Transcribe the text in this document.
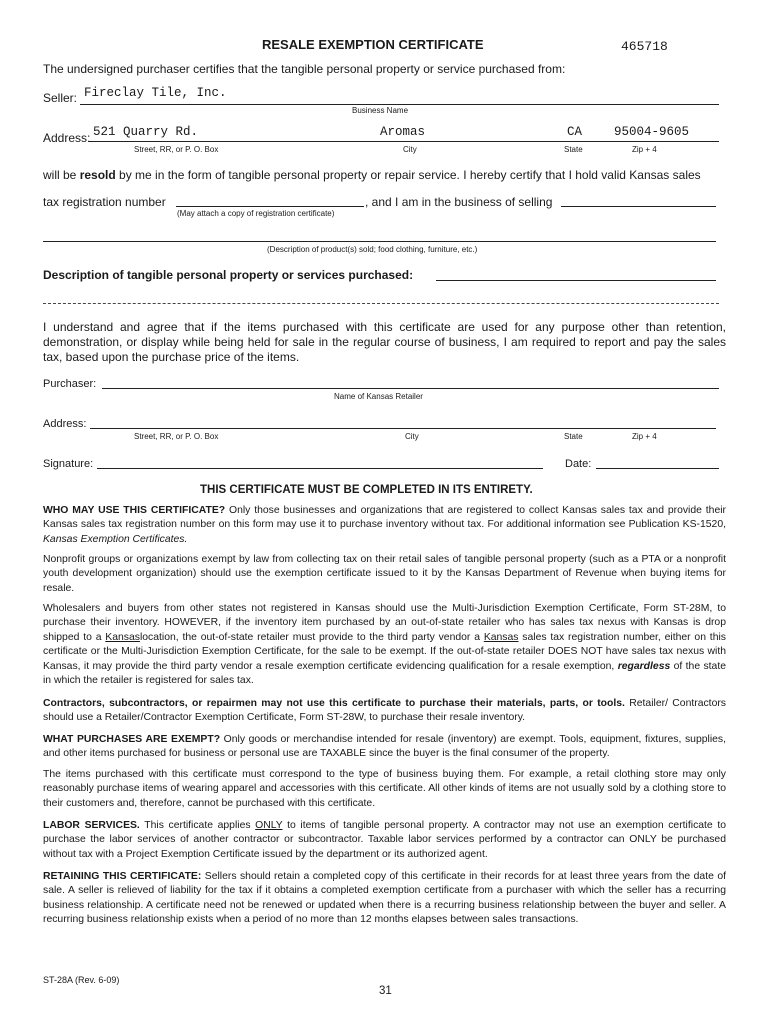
RESALE EXEMPTION CERTIFICATE	465718
The undersigned purchaser certifies that the tangible personal property or service purchased from:
Seller: Fireclay Tile, Inc.
Business Name
Address: 521 Quarry Rd.	Aromas	CA	95004-9605
Street, RR, or P. O. Box	City	State	Zip + 4
will be resold by me in the form of tangible personal property or repair service. I hereby certify that I hold valid Kansas sales
tax registration number	, and I am in the business of selling
(May attach a copy of registration certificate)
(Description of product(s) sold; food clothing, furniture, etc.)
Description of tangible personal property or services purchased:
I understand and agree that if the items purchased with this certificate are used for any purpose other than retention, demonstration, or display while being held for sale in the regular course of business, I am required to report and pay the sales tax, based upon the purchase price of the items.
Purchaser:
Name of Kansas Retailer
Address:
Street, RR, or P. O. Box	City	State	Zip + 4
Signature:	Date:
THIS CERTIFICATE MUST BE COMPLETED IN ITS ENTIRETY.
WHO MAY USE THIS CERTIFICATE? Only those businesses and organizations that are registered to collect Kansas sales tax and provide their Kansas sales tax registration number on this form may use it to purchase inventory without tax. For additional information see Publication KS-1520, Kansas Exemption Certificates.
Nonprofit groups or organizations exempt by law from collecting tax on their retail sales of tangible personal property (such as a PTA or a nonprofit youth development organization) should use the exemption certificate issued to it by the Kansas Department of Revenue when buying items for resale.
Wholesalers and buyers from other states not registered in Kansas should use the Multi-Jurisdiction Exemption Certificate, Form ST-28M, to purchase their inventory. HOWEVER, if the inventory item purchased by an out-of-state retailer who has sales tax nexus with Kansas is drop shipped to a Kansaslocation, the out-of-state retailer must provide to the third party vendor a Kansas sales tax registration number, either on this certificate or the Multi-Jurisdiction Exemption Certificate, for the sale to be exempt. If the out-of-state retailer DOES NOT have sales tax nexus with Kansas, it may provide the third party vendor a resale exemption certificate evidencing qualification for a resale exemption, regardless of the state in which the retailer is registered for sales tax.
Contractors, subcontractors, or repairmen may not use this certificate to purchase their materials, parts, or tools. Retailer/ Contractors should use a Retailer/Contractor Exemption Certificate, Form ST-28W, to purchase their resale inventory.
WHAT PURCHASES ARE EXEMPT? Only goods or merchandise intended for resale (inventory) are exempt. Tools, equipment, fixtures, supplies, and other items purchased for business or personal use are TAXABLE since the buyer is the final consumer of the property.
The items purchased with this certificate must correspond to the type of business buying them. For example, a retail clothing store may only reasonably purchase items of wearing apparel and accessories with this certificate. All other kinds of items are not usually sold by a clothing store to their customers and, therefore, cannot be purchased with this certificate.
LABOR SERVICES. This certificate applies ONLY to items of tangible personal property. A contractor may not use an exemption certificate to purchase the labor services of another contractor or subcontractor. Taxable labor services performed by a contractor can ONLY be purchased without tax with a Project Exemption Certificate issued by the department or its authorized agent.
RETAINING THIS CERTIFICATE: Sellers should retain a completed copy of this certificate in their records for at least three years from the date of sale. A seller is relieved of liability for the tax if it obtains a completed exemption certificate from a purchaser with which the seller has a recurring business relationship. A certificate need not be renewed or updated when there is a recurring business relationship between the buyer and seller. A recurring business relationship exists when a period of no more than 12 months elapses between sales transactions.
ST-28A (Rev. 6-09)
31
